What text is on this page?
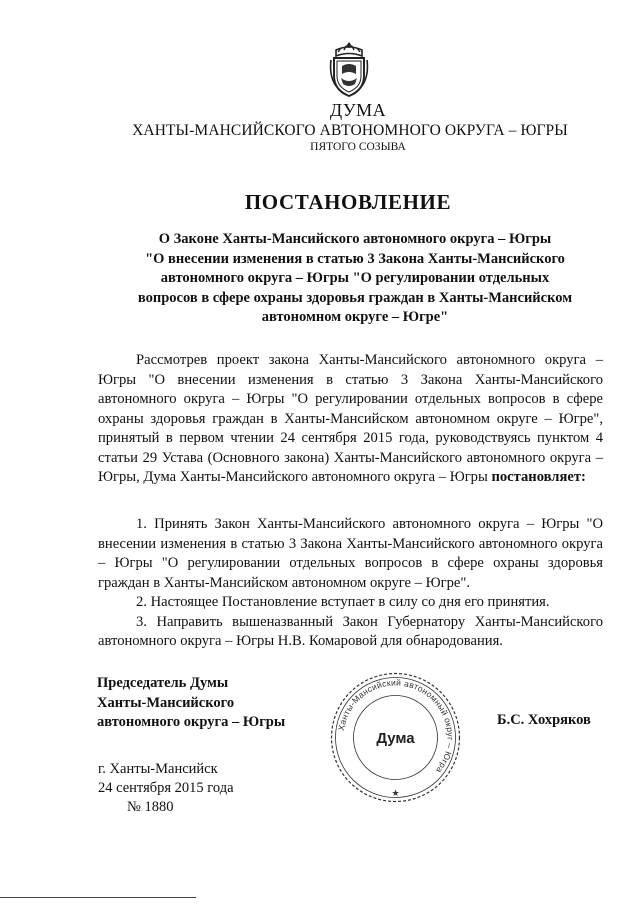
ДУМА

ХАНТЫ-МАНСИЙСКОГО АВТОНОМНОГО ОКРУГА – ЮГРЫ

ПЯТОГО СОЗЫВА

ПОСТАНОВЛЕНИЕ

О Законе Ханты-Мансийского автономного округа – Югры
"О внесении изменения в статью 3 Закона Ханты-Мансийского
автономного округа – Югры "О регулировании отдельных
вопросов в сфере охраны здоровья граждан в Ханты-Мансийском
автономном округе – Югре"

Рассмотрев проект закона Ханты-Мансийского автономного округа – Югры "О внесении изменения в статью 3 Закона Ханты-Мансийского автономного округа – Югры "О регулировании отдельных вопросов в сфере охраны здоровья граждан в Ханты-Мансийском автономном округе – Югре", принятый в первом чтении 24 сентября 2015 года, руководствуясь пунктом 4 статьи 29 Устава (Основного закона) Ханты-Мансийского автономного округа – Югры, Дума Ханты-Мансийского автономного округа – Югры постановляет:

1. Принять Закон Ханты-Мансийского автономного округа – Югры "О внесении изменения в статью 3 Закона Ханты-Мансийского автономного округа – Югры "О регулировании отдельных вопросов в сфере охраны здоровья граждан в Ханты-Мансийском автономном округе – Югре".
2. Настоящее Постановление вступает в силу со дня его принятия.
3. Направить вышеназванный Закон Губернатору Ханты-Мансийского автономного округа – Югры Н.В. Комаровой для обнародования.
Председатель Думы
Ханты-Мансийского
автономного округа – Югры	Ханты-Мансийский автономный округ – Югра
Дума
★

Б.С. Хохряков

г. Ханты-Мансийск
24 сентября 2015 года
№ 1880
